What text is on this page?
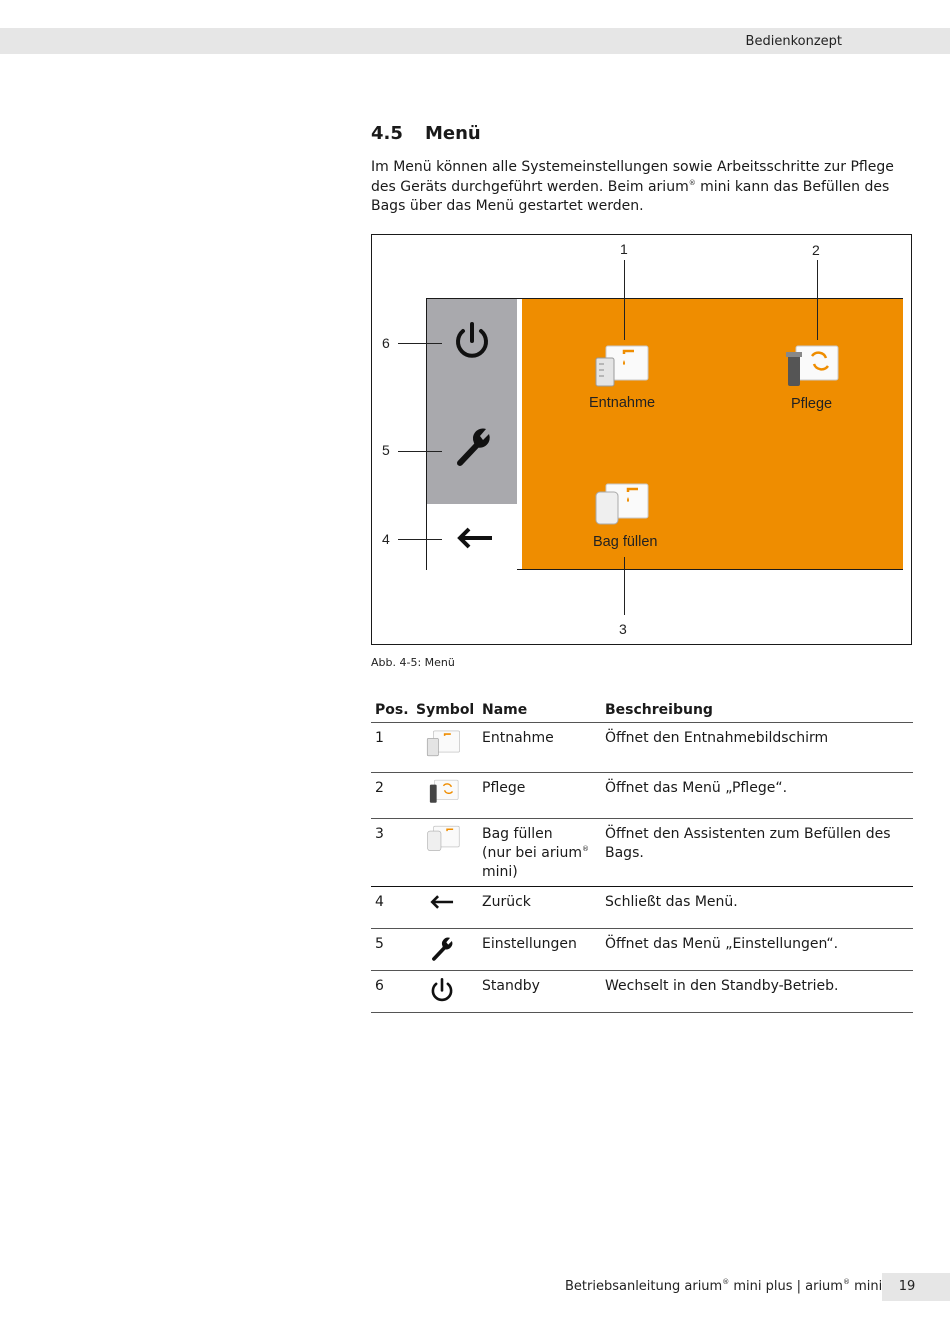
Bedienkonzept
4.5 Menü
Im Menü können alle Systemeinstellungen sowie Arbeitsschritte zur Pflege des Geräts durchgeführt werden. Beim arium® mini kann das Befüllen des Bags über das Menü gestartet werden.
Entnahme	Pflege
Bag füllen
1	2
3
4
5
6
Abb. 4-5: Menü
Pos.	Symbol	Name	Beschreibung
1		Entnahme	Öffnet den Entnahmebildschirm
2		Pflege	Öffnet das Menü „Pflege“.
3		Bag füllen
(nur bei arium®
mini)	Öffnet den Assistenten zum Befüllen des Bags.
4		Zurück	Schließt das Menü.
5		Einstellungen	Öffnet das Menü „Einstellungen“.
6		Standby	Wechselt in den Standby-Betrieb.
Betriebsanleitung arium® mini plus | arium® mini	19
